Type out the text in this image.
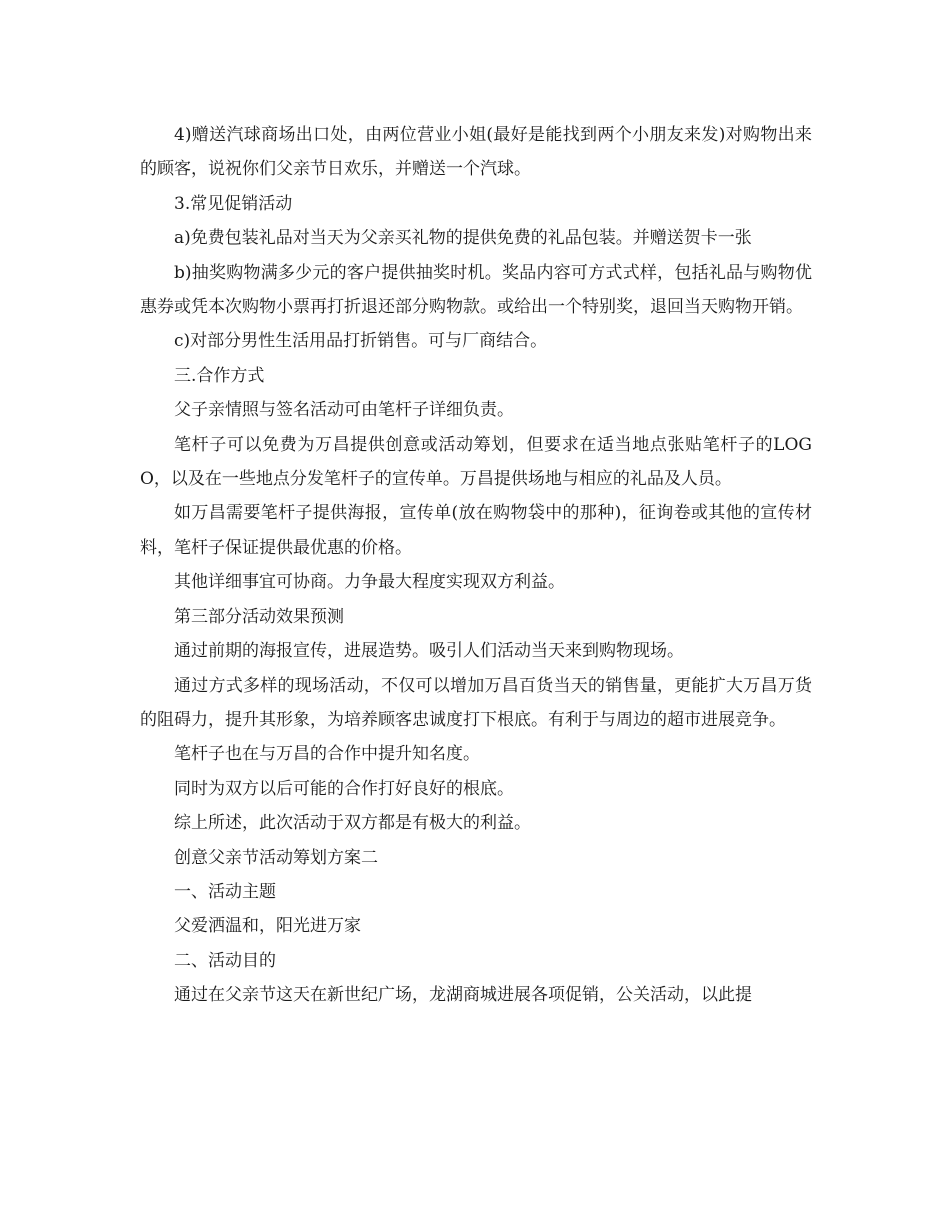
4)赠送汽球商场出口处，由两位营业小姐(最好是能找到两个小朋友来发)对购物出来的顾客，说祝你们父亲节日欢乐，并赠送一个汽球。

3.常见促销活动

a)免费包装礼品对当天为父亲买礼物的提供免费的礼品包装。并赠送贺卡一张

b)抽奖购物满多少元的客户提供抽奖时机。奖品内容可方式式样，包括礼品与购物优惠券或凭本次购物小票再打折退还部分购物款。或给出一个特别奖，退回当天购物开销。

c)对部分男性生活用品打折销售。可与厂商结合。

三.合作方式

父子亲情照与签名活动可由笔杆子详细负责。

笔杆子可以免费为万昌提供创意或活动筹划，但要求在适当地点张贴笔杆子的LOGO，以及在一些地点分发笔杆子的宣传单。万昌提供场地与相应的礼品及人员。

如万昌需要笔杆子提供海报，宣传单(放在购物袋中的那种)，征询卷或其他的宣传材料，笔杆子保证提供最优惠的价格。

其他详细事宜可协商。力争最大程度实现双方利益。

第三部分活动效果预测

通过前期的海报宣传，进展造势。吸引人们活动当天来到购物现场。

通过方式多样的现场活动，不仅可以增加万昌百货当天的销售量，更能扩大万昌万货的阻碍力，提升其形象，为培养顾客忠诚度打下根底。有利于与周边的超市进展竞争。

笔杆子也在与万昌的合作中提升知名度。

同时为双方以后可能的合作打好良好的根底。

综上所述，此次活动于双方都是有极大的利益。

创意父亲节活动筹划方案二

一、活动主题

父爱洒温和，阳光进万家

二、活动目的

通过在父亲节这天在新世纪广场，龙湖商城进展各项促销，公关活动，以此提
